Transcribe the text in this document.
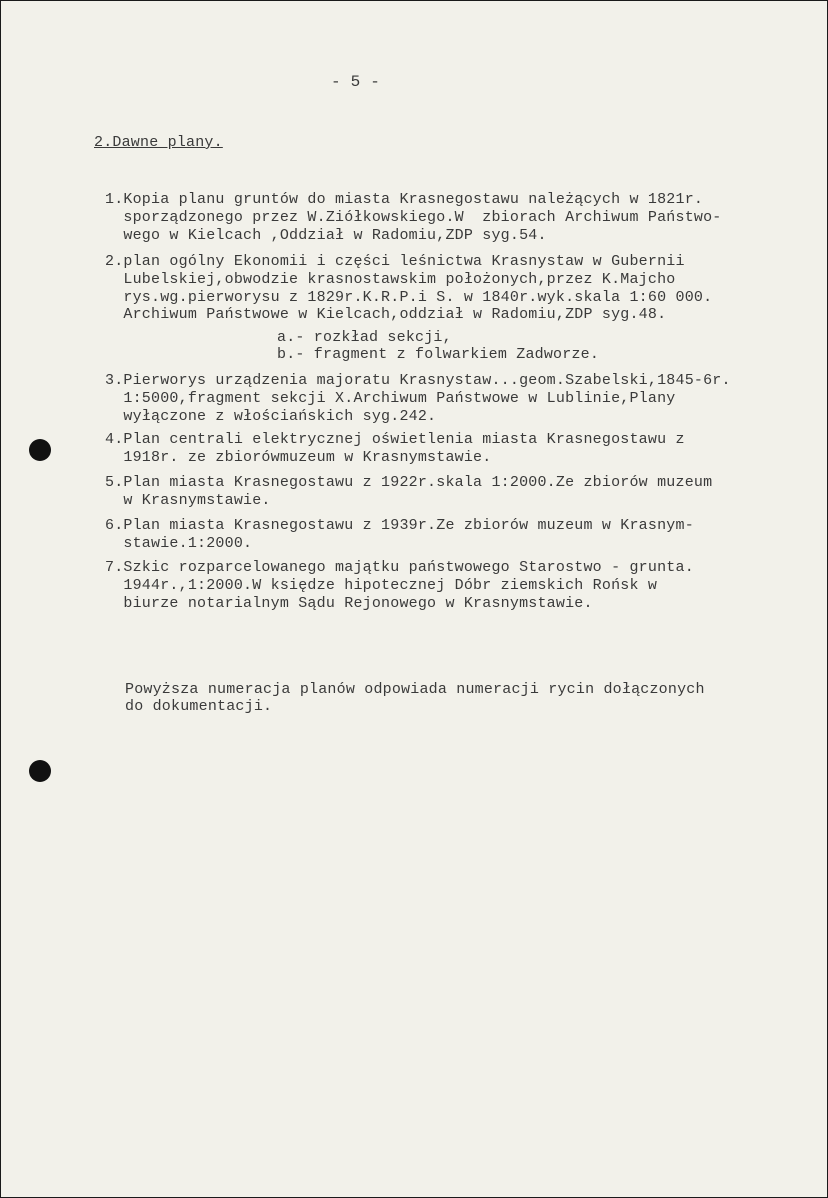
- 5 -
2.Dawne plany.
1.Kopia planu gruntów do miasta Krasnegostawu należących w 1821r.
sporządzonego przez W.Ziółkowskiego.W  zbiorach Archiwum Państwo-
wego w Kielcach ,Oddział w Radomiu,ZDP syg.54.
2.plan ogólny Ekonomii i części leśnictwa Krasnystaw w Gubernii
Lubelskiej,obwodzie krasnostawskim położonych,przez K.Majcho
rys.wg.pierworysu z 1829r.K.R.P.i S. w 1840r.wyk.skala 1:60 000.
Archiwum Państwowe w Kielcach,oddział w Radomiu,ZDP syg.48.
a.- rozkład sekcji,
b.- fragment z folwarkiem Zadworze.
3.Pierworys urządzenia majoratu Krasnystaw...geom.Szabelski,1845-6r.
1:5000,fragment sekcji X.Archiwum Państwowe w Lublinie,Plany
wyłączone z włościańskich syg.242.
4.Plan centrali elektrycznej oświetlenia miasta Krasnegostawu z
1918r. ze zbiorówmuzeum w Krasnymstawie.
5.Plan miasta Krasnegostawu z 1922r.skala 1:2000.Ze zbiorów muzeum
w Krasnymstawie.
6.Plan miasta Krasnegostawu z 1939r.Ze zbiorów muzeum w Krasnym-
stawie.1:2000.
7.Szkic rozparcelowanego majątku państwowego Starostwo - grunta.
1944r.,1:2000.W księdze hipotecznej Dóbr ziemskich Rońsk w
biurze notarialnym Sądu Rejonowego w Krasnymstawie.
Powyższa numeracja planów odpowiada numeracji rycin dołączonych
do dokumentacji.
